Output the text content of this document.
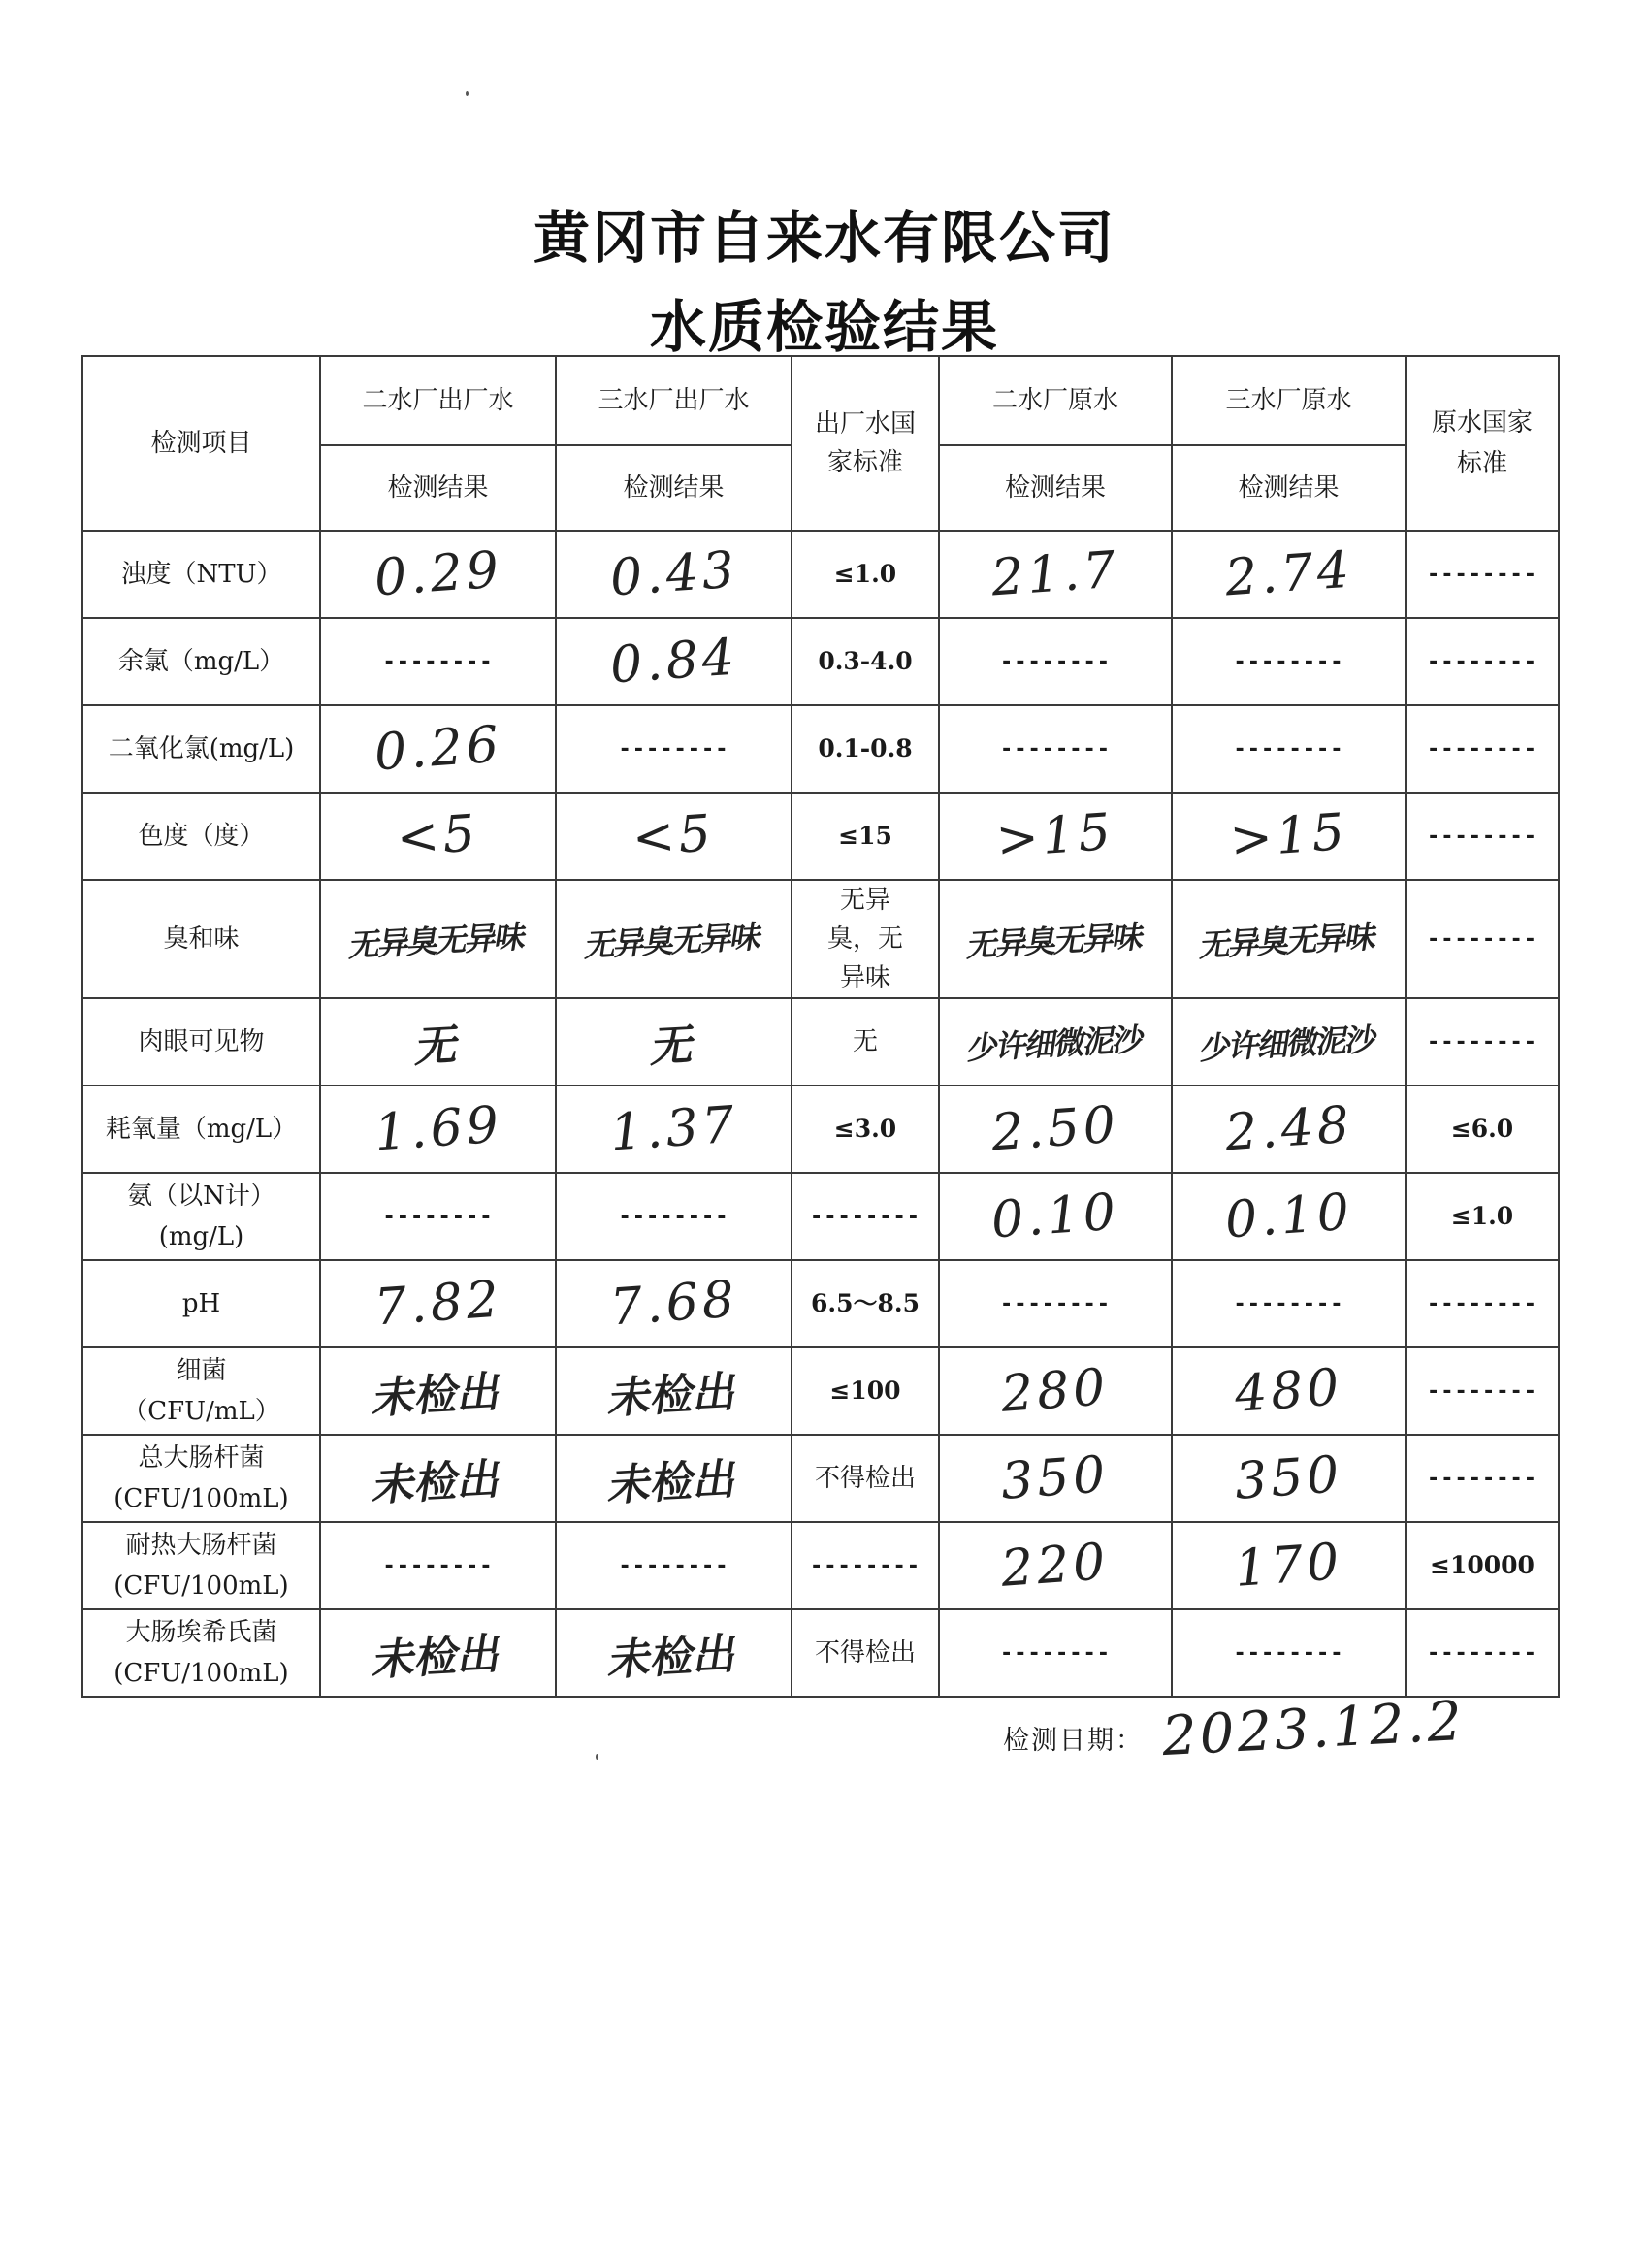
黄冈市自来水有限公司
水质检验结果
检测项目	二水厂出厂水	三水厂出厂水	出厂水国家标准	二水厂原水	三水厂原水	原水国家标准

	检测结果	检测结果		检测结果	检测结果	
浊度（NTU）	0.29	0.43	≤1.0	21.7	2.74	--------
余氯（mg/L）	--------	0.84	0.3-4.0	--------	--------	--------
二氧化氯(mg/L)	0.26	--------	0.1-0.8	--------	--------	--------
色度（度）	<5	<5	≤15	>15	>15	--------
臭和味	无异臭无异味	无异臭无异味	无异臭，无异味	无异臭无异味	无异臭无异味	--------
肉眼可见物	无	无	无	少许细微泥沙	少许细微泥沙	--------
耗氧量（mg/L）	1.69	1.37	≤3.0	2.50	2.48	≤6.0
氨（以N计）(mg/L)	--------	--------	--------	0.10	0.10	≤1.0
pH	7.82	7.68	6.5～8.5	--------	--------	--------
细菌（CFU/mL）	未检出	未检出	≤100	280	480	--------
总大肠杆菌(CFU/100mL)	未检出	未检出	不得检出	350	350	--------
耐热大肠杆菌(CFU/100mL)	--------	--------	--------	220	170	≤10000
大肠埃希氏菌(CFU/100mL)	未检出	未检出	不得检出	--------	--------	--------
检测日期： 2023.12.2
